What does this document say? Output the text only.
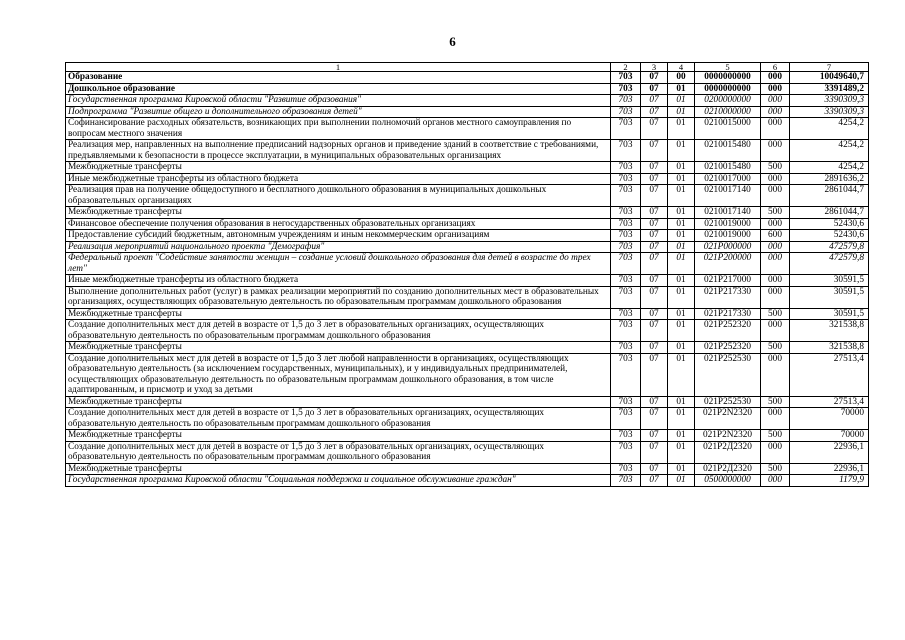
6
1	2	3	4	5	6	7
Образование	703	07	00	0000000000	000	10049640,7
Дошкольное образование	703	07	01	0000000000	000	3391489,2
Государственная программа Кировской области "Развитие образования"	703	07	01	0200000000	000	3390309,3
Подпрограмма "Развитие общего и дополнительного образования детей"	703	07	01	0210000000	000	3390309,3
Софинансирование расходных обязательств, возникающих при выполнении полномочий органов местного самоуправления по вопросам местного значения	703	07	01	0210015000	000	4254,2
Реализация мер, направленных на выполнение предписаний надзорных органов и приведение зданий в соответствие с требованиями, предъявляемыми к безопасности в процессе эксплуатации, в муниципальных образовательных организациях	703	07	01	0210015480	000	4254,2
Межбюджетные трансферты	703	07	01	0210015480	500	4254,2
Иные межбюджетные трансферты из областного бюджета	703	07	01	0210017000	000	2891636,2
Реализация прав на получение общедоступного и бесплатного дошкольного образования в муниципальных дошкольных образовательных организациях	703	07	01	0210017140	000	2861044,7
Межбюджетные трансферты	703	07	01	0210017140	500	2861044,7
Финансовое обеспечение получения образования в негосударственных образовательных организациях	703	07	01	0210019000	000	52430,6
Предоставление субсидий бюджетным, автономным учреждениям и иным некоммерческим организациям	703	07	01	0210019000	600	52430,6
Реализация мероприятий национального проекта "Демография"	703	07	01	021P000000	000	472579,8
Федеральный проект "Содействие занятости женщин – создание условий дошкольного образования для детей в возрасте до трех лет"	703	07	01	021P200000	000	472579,8
Иные межбюджетные трансферты из областного бюджета	703	07	01	021P217000	000	30591,5
Выполнение дополнительных работ (услуг) в рамках реализации мероприятий по созданию дополнительных мест в образовательных организациях, осуществляющих образовательную деятельность по образовательным программам дошкольного образования	703	07	01	021P217330	000	30591,5
Межбюджетные трансферты	703	07	01	021P217330	500	30591,5
Создание дополнительных мест для детей в возрасте от 1,5 до 3 лет в образовательных организациях, осуществляющих образовательную деятельность по образовательным программам дошкольного образования	703	07	01	021P252320	000	321538,8
Межбюджетные трансферты	703	07	01	021P252320	500	321538,8
Создание дополнительных мест для детей в возрасте от 1,5 до 3 лет любой направленности в организациях, осуществляющих образовательную деятельность (за исключением государственных, муниципальных), и у индивидуальных предпринимателей, осуществляющих образовательную деятельность по образовательным программам дошкольного образования, в том числе адаптированным, и присмотр и уход за детьми	703	07	01	021P252530	000	27513,4
Межбюджетные трансферты	703	07	01	021P252530	500	27513,4
Создание дополнительных мест для детей в возрасте от 1,5 до 3 лет в образовательных организациях, осуществляющих образовательную деятельность по образовательным программам дошкольного образования	703	07	01	021P2N2320	000	70000
Межбюджетные трансферты	703	07	01	021P2N2320	500	70000
Создание дополнительных мест для детей в возрасте от 1,5 до 3 лет в образовательных организациях, осуществляющих образовательную деятельность по образовательным программам дошкольного образования	703	07	01	021P2Д2320	000	22936,1
Межбюджетные трансферты	703	07	01	021P2Д2320	500	22936,1
Государственная программа Кировской области "Социальная поддержка и социальное обслуживание граждан"	703	07	01	0500000000	000	1179,9
